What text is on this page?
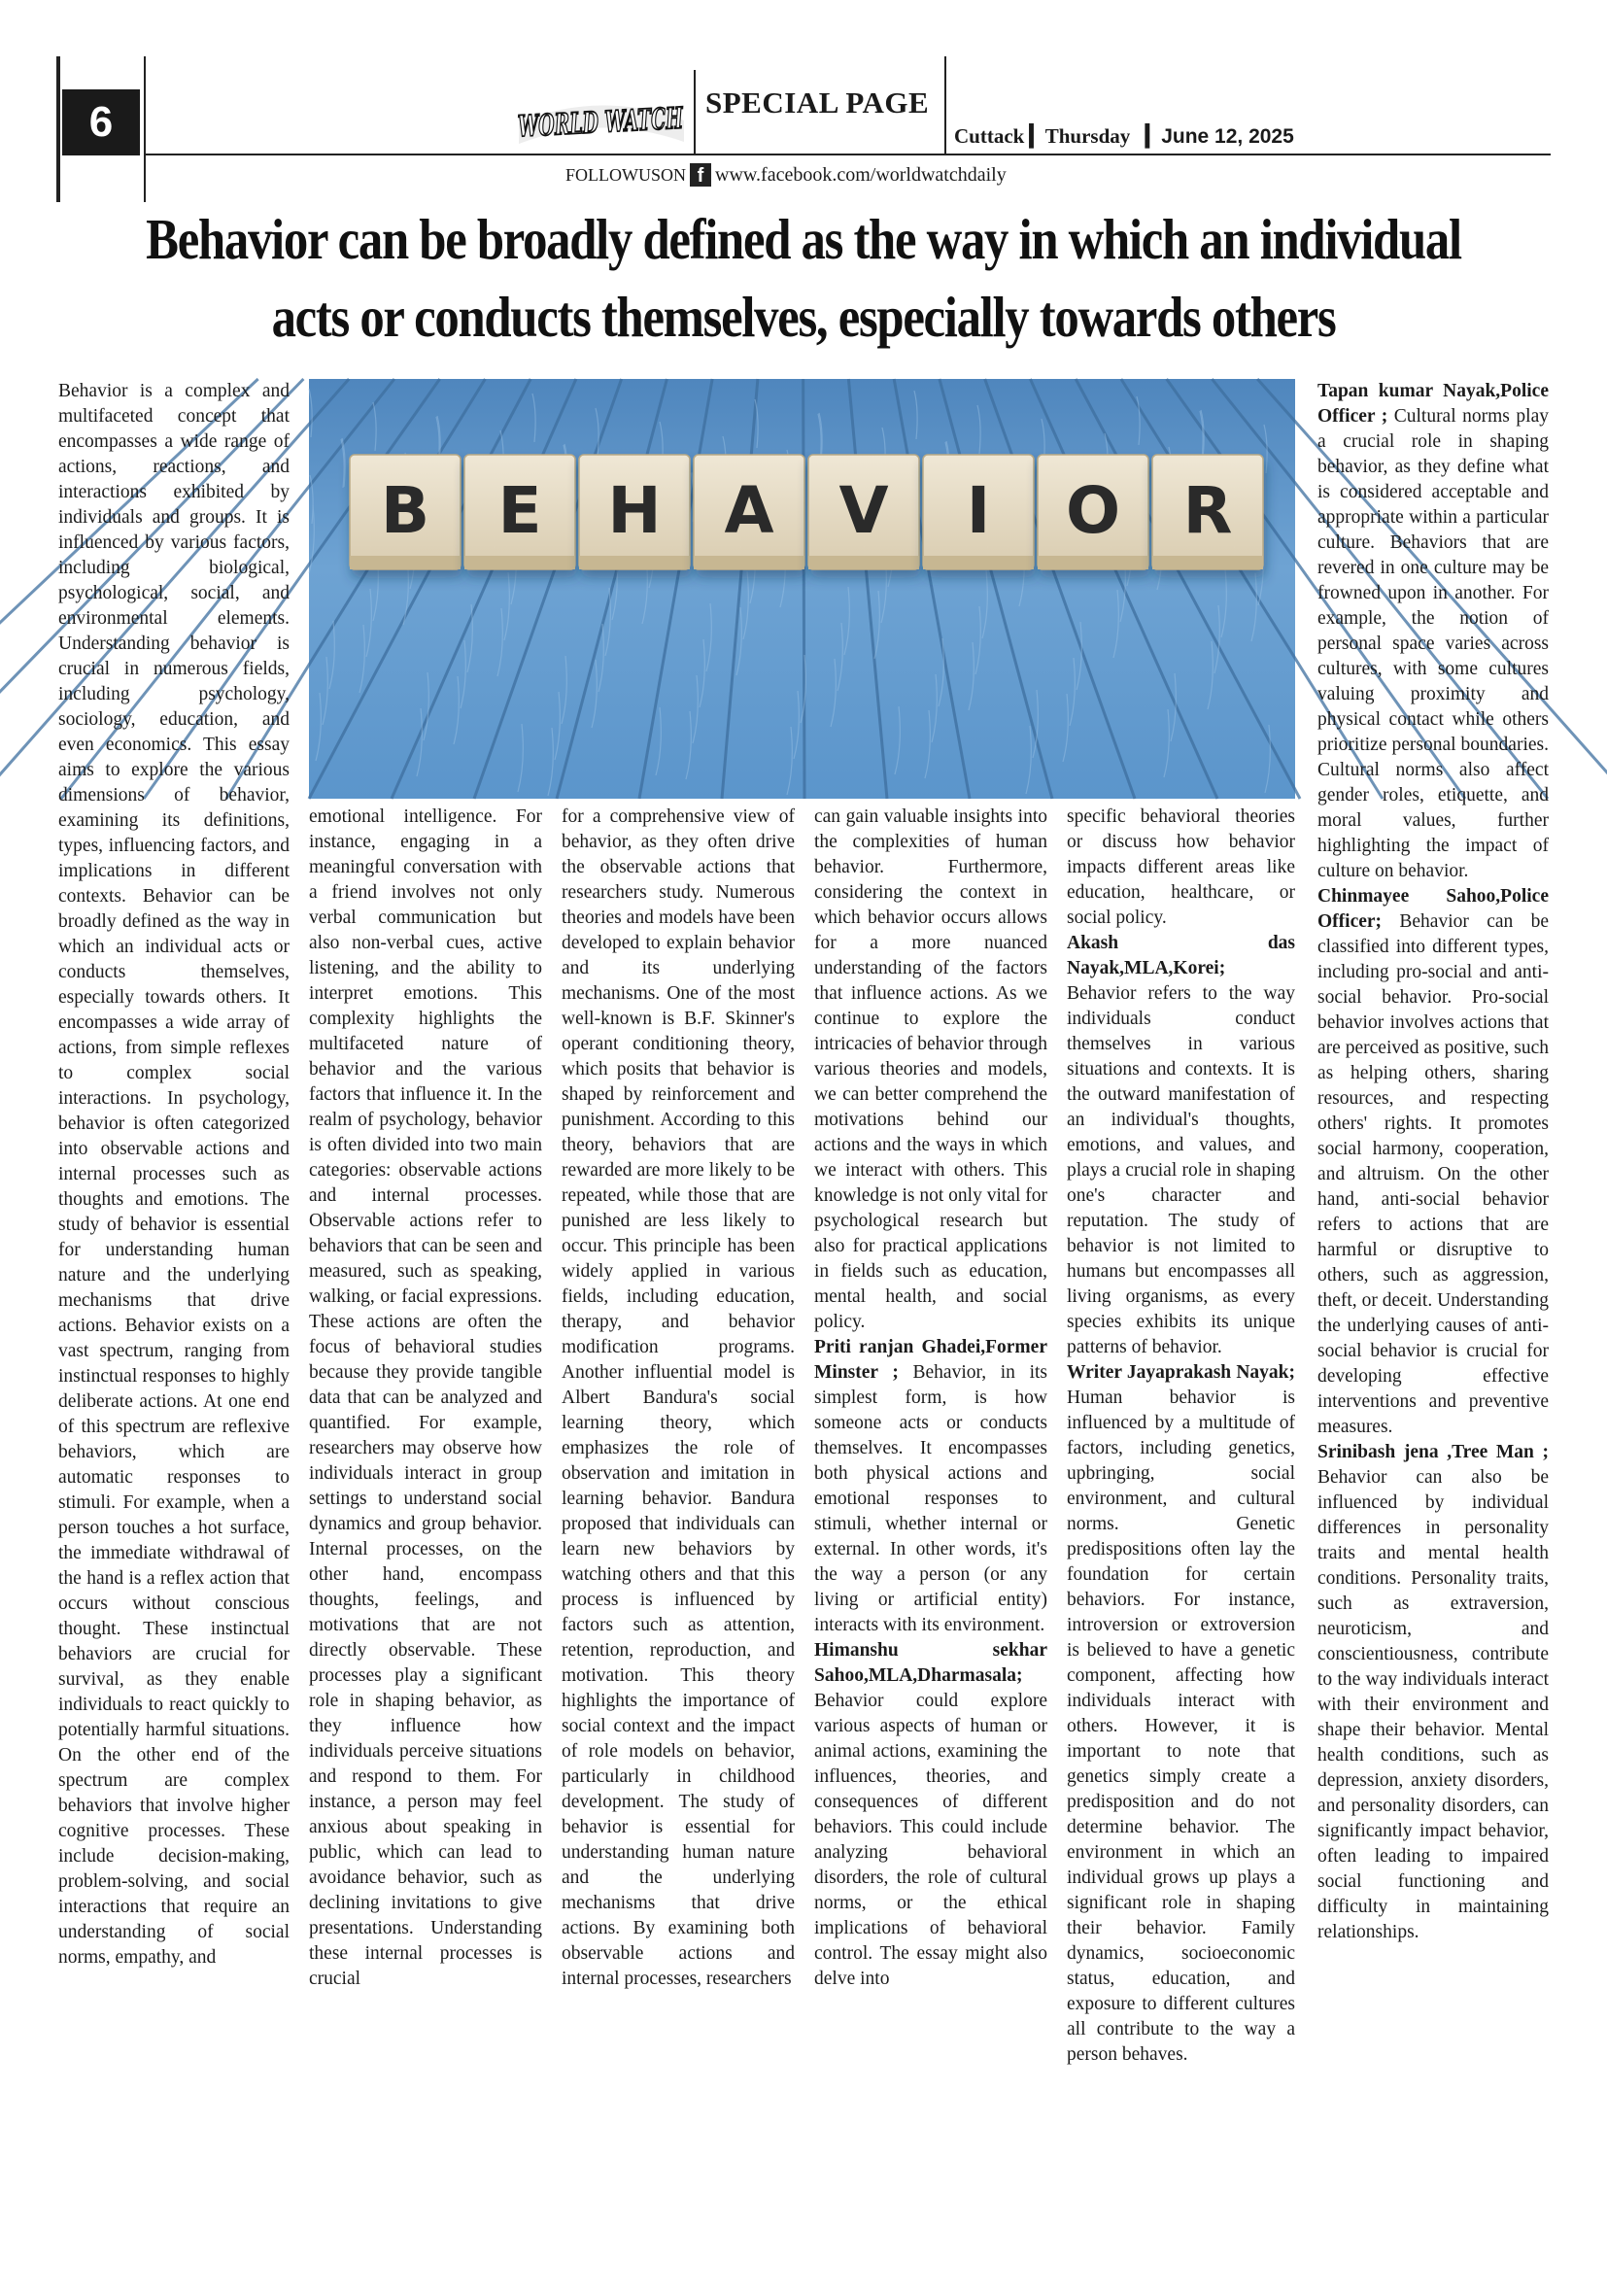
6	WORLD WATCH
SPECIAL PAGE
Cuttack ▎Thursday   ▎June 12, 2025
FOLLOWUSON f www.facebook.com/worldwatchdaily
Behavior can be broadly defined as the way in which an individual
acts or conducts themselves, especially towards others
B E H A V I O R

Behavior is a complex and multifaceted concept that encompasses a wide range of actions, reactions, and interactions exhibited by individuals and groups. It is influenced by various factors, including biological, psychological, social, and environmental elements. Understanding behavior is crucial in numerous fields, including psychology, sociology, education, and even economics. This essay aims to explore the various dimensions of behavior, examining its definitions, types, influencing factors, and implications in different contexts. Behavior can be broadly defined as the way in which an individual acts or conducts themselves, especially towards others. It encompasses a wide array of actions, from simple reflexes to complex social interactions. In psychology, behavior is often categorized into observable actions and internal processes such as thoughts and emotions. The study of behavior is essential for understanding human nature and the underlying mechanisms that drive actions. Behavior exists on a vast spectrum, ranging from instinctual responses to highly deliberate actions. At one end of this spectrum are reflexive behaviors, which are automatic responses to stimuli. For example, when a person touches a hot surface, the immediate withdrawal of the hand is a reflex action that occurs without conscious thought. These instinctual behaviors are crucial for survival, as they enable individuals to react quickly to potentially harmful situations. On the other end of the spectrum are complex behaviors that involve higher cognitive processes. These include decision-making, problem-solving, and social interactions that require an understanding of social norms, empathy, and

emotional intelligence. For instance, engaging in a meaningful conversation with a friend involves not only verbal communication but also non-verbal cues, active listening, and the ability to interpret emotions. This complexity highlights the multifaceted nature of behavior and the various factors that influence it. In the realm of psychology, behavior is often divided into two main categories: observable actions and internal processes. Observable actions refer to behaviors that can be seen and measured, such as speaking, walking, or facial expressions. These actions are often the focus of behavioral studies because they provide tangible data that can be analyzed and quantified. For example, researchers may observe how individuals interact in group settings to understand social dynamics and group behavior. Internal processes, on the other hand, encompass thoughts, feelings, and motivations that are not directly observable. These processes play a significant role in shaping behavior, as they influence how individuals perceive situations and respond to them. For instance, a person may feel anxious about speaking in public, which can lead to avoidance behavior, such as declining invitations to give presentations. Understanding these internal processes is crucial

for a comprehensive view of behavior, as they often drive the observable actions that researchers study. Numerous theories and models have been developed to explain behavior and its underlying mechanisms. One of the most well-known is B.F. Skinner's operant conditioning theory, which posits that behavior is shaped by reinforcement and punishment. According to this theory, behaviors that are rewarded are more likely to be repeated, while those that are punished are less likely to occur. This principle has been widely applied in various fields, including education, therapy, and behavior modification programs. Another influential model is Albert Bandura's social learning theory, which emphasizes the role of observation and imitation in learning behavior. Bandura proposed that individuals can learn new behaviors by watching others and that this process is influenced by factors such as attention, retention, reproduction, and motivation. This theory highlights the importance of social context and the impact of role models on behavior, particularly in childhood development. The study of behavior is essential for understanding human nature and the underlying mechanisms that drive actions. By examining both observable actions and internal processes, researchers

can gain valuable insights into the complexities of human behavior. Furthermore, considering the context in which behavior occurs allows for a more nuanced understanding of the factors that influence actions. As we continue to explore the intricacies of behavior through various theories and models, we can better comprehend the motivations behind our actions and the ways in which we interact with others. This knowledge is not only vital for psychological research but also for practical applications in fields such as education, mental health, and social policy.

Priti ranjan Ghadei,Former Minster ; Behavior, in its simplest form, is how someone acts or conducts themselves. It encompasses both physical actions and emotional responses to stimuli, whether internal or external. In other words, it's the way a person (or any living or artificial entity) interacts with its environment.

Himanshu sekhar Sahoo,MLA,Dharmasala; Behavior could explore various aspects of human or animal actions, examining the influences, theories, and consequences of different behaviors. This could include analyzing behavioral disorders, the role of cultural norms, or the ethical implications of behavioral control. The essay might also delve into

specific behavioral theories or discuss how behavior impacts different areas like education, healthcare, or social policy.

Akash das Nayak,MLA,Korei; Behavior refers to the way individuals conduct themselves in various situations and contexts. It is the outward manifestation of an individual's thoughts, emotions, and values, and plays a crucial role in shaping one's character and reputation. The study of behavior is not limited to humans but encompasses all living organisms, as every species exhibits its unique patterns of behavior.

Writer Jayaprakash Nayak; Human behavior is influenced by a multitude of factors, including genetics, upbringing, social environment, and cultural norms. Genetic predispositions often lay the foundation for certain behaviors. For instance, introversion or extroversion is believed to have a genetic component, affecting how individuals interact with others. However, it is important to note that genetics simply create a predisposition and do not determine behavior. The environment in which an individual grows up plays a significant role in shaping their behavior. Family dynamics, socioeconomic status, education, and exposure to different cultures all contribute to the way a person behaves.

Tapan kumar Nayak,Police Officer ; Cultural norms play a crucial role in shaping behavior, as they define what is considered acceptable and appropriate within a particular culture. Behaviors that are revered in one culture may be frowned upon in another. For example, the notion of personal space varies across cultures, with some cultures valuing proximity and physical contact while others prioritize personal boundaries. Cultural norms also affect gender roles, etiquette, and moral values, further highlighting the impact of culture on behavior.

Chinmayee Sahoo,Police Officer; Behavior can be classified into different types, including pro-social and anti-social behavior. Pro-social behavior involves actions that are perceived as positive, such as helping others, sharing resources, and respecting others' rights. It promotes social harmony, cooperation, and altruism. On the other hand, anti-social behavior refers to actions that are harmful or disruptive to others, such as aggression, theft, or deceit. Understanding the underlying causes of anti-social behavior is crucial for developing effective interventions and preventive measures.

Srinibash jena ,Tree Man ; Behavior can also be influenced by individual differences in personality traits and mental health conditions. Personality traits, such as extraversion, neuroticism, and conscientiousness, contribute to the way individuals interact with their environment and shape their behavior. Mental health conditions, such as depression, anxiety disorders, and personality disorders, can significantly impact behavior, often leading to impaired social functioning and difficulty in maintaining relationships.
